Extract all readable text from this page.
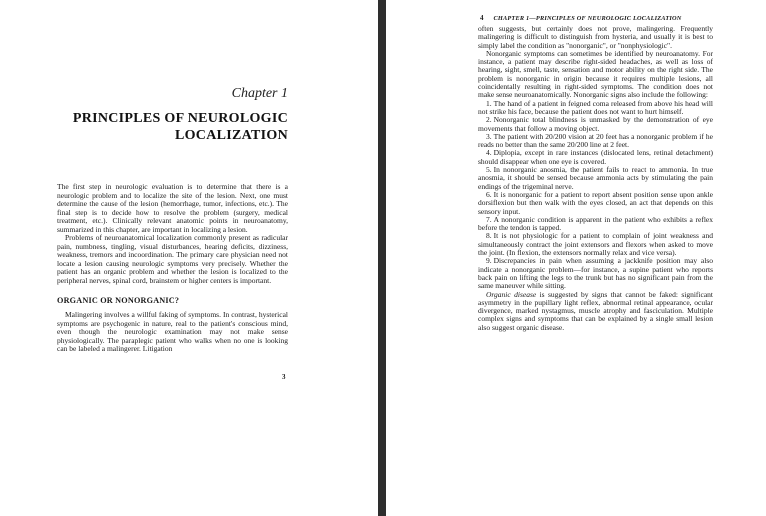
Chapter 1
PRINCIPLES OF NEUROLOGIC LOCALIZATION

The first step in neurologic evaluation is to determine that there is a neurologic problem and to localize the site of the lesion. Next, one must determine the cause of the lesion (hemorrhage, tumor, infections, etc.). The final step is to decide how to resolve the problem (surgery, medical treatment, etc.). Clinically relevant anatomic points in neuroanatomy, summarized in this chapter, are important in localizing a lesion.

Problems of neuroanatomical localization commonly present as radicular pain, numbness, tingling, visual disturbances, hearing deficits, dizziness, weakness, tremors and incoordination. The primary care physician need not locate a lesion causing neurologic symptoms very precisely. Whether the patient has an organic problem and whether the lesion is localized to the peripheral nerves, spinal cord, brainstem or higher centers is important.

ORGANIC OR NONORGANIC?

Malingering involves a willful faking of symptoms. In contrast, hysterical symptoms are psychogenic in nature, real to the patient's conscious mind, even though the neurologic examination may not make sense physiologically. The paraplegic patient who walks when no one is looking can be labeled a malingerer. Litigation

3
4 CHAPTER 1—PRINCIPLES OF NEUROLOGIC LOCALIZATION

often suggests, but certainly does not prove, malingering. Frequently malingering is difficult to distinguish from hysteria, and usually it is best to simply label the condition as "nonorganic", or "nonphysiologic".

Nonorganic symptoms can sometimes be identified by neuroanatomy. For instance, a patient may describe right-sided headaches, as well as loss of hearing, sight, smell, taste, sensation and motor ability on the right side. The problem is nonorganic in origin because it requires multiple lesions, all coincidentally resulting in right-sided symptoms. The condition does not make sense neuroanatomically. Nonorganic signs also include the following:

1. The hand of a patient in feigned coma released from above his head will not strike his face, because the patient does not want to hurt himself.

2. Nonorganic total blindness is unmasked by the demonstration of eye movements that follow a moving object.

3. The patient with 20/200 vision at 20 feet has a nonorganic problem if he reads no better than the same 20/200 line at 2 feet.

4. Diplopia, except in rare instances (dislocated lens, retinal detachment) should disappear when one eye is covered.

5. In nonorganic anosmia, the patient fails to react to ammonia. In true anosmia, it should be sensed because ammonia acts by stimulating the pain endings of the trigeminal nerve.

6. It is nonorganic for a patient to report absent position sense upon ankle dorsiflexion but then walk with the eyes closed, an act that depends on this sensory input.

7. A nonorganic condition is apparent in the patient who exhibits a reflex before the tendon is tapped.

8. It is not physiologic for a patient to complain of joint weakness and simultaneously contract the joint extensors and flexors when asked to move the joint. (In flexion, the extensors normally relax and vice versa).

9. Discrepancies in pain when assuming a jackknife position may also indicate a nonorganic problem—for instance, a supine patient who reports back pain on lifting the legs to the trunk but has no significant pain from the same maneuver while sitting.

Organic disease is suggested by signs that cannot be faked: significant asymmetry in the pupillary light reflex, abnormal retinal appearance, ocular divergence, marked nystagmus, muscle atrophy and fasciculation. Multiple complex signs and symptoms that can be explained by a single small lesion also suggest organic disease.
